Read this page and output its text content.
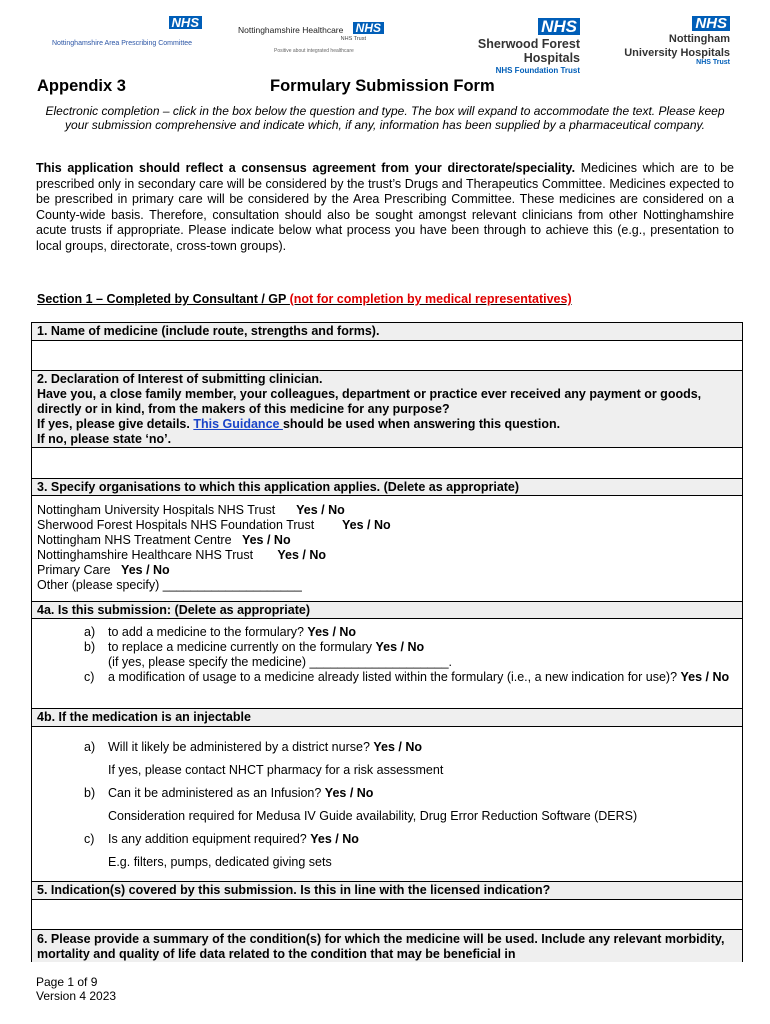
NHS
Nottinghamshire Area Prescribing Committee
Nottinghamshire Healthcare NHS
NHS Trust
Positive about integrated healthcare
NHS
Sherwood Forest Hospitals
NHS Foundation Trust
NHS
Nottingham
University Hospitals
NHS Trust
Appendix 3	Formulary Submission Form
Electronic completion – click in the box below the question and type. The box will expand to accommodate the text. Please keep your submission comprehensive and indicate which, if any, information has been supplied by a pharmaceutical company.
This application should reflect a consensus agreement from your directorate/speciality. Medicines which are to be prescribed only in secondary care will be considered by the trust’s Drugs and Therapeutics Committee. Medicines expected to be prescribed in primary care will be considered by the Area Prescribing Committee. These medicines are considered on a County-wide basis. Therefore, consultation should also be sought amongst relevant clinicians from other Nottinghamshire acute trusts if appropriate. Please indicate below what process you have been through to achieve this (e.g., presentation to local groups, directorate, cross-town groups).
Section 1 – Completed by Consultant / GP (not for completion by medical representatives)
1. Name of medicine (include route, strengths and forms).
2. Declaration of Interest of submitting clinician.
Have you, a close family member, your colleagues, department or practice ever received any payment or goods, directly or in kind, from the makers of this medicine for any purpose?
If yes, please give details. This Guidance should be used when answering this question.
If no, please state ‘no’.
3. Specify organisations to which this application applies. (Delete as appropriate)
Nottingham University Hospitals NHS Trust      Yes / No
Sherwood Forest Hospitals NHS Foundation Trust        Yes / No
Nottingham NHS Treatment Centre   Yes / No
Nottinghamshire Healthcare NHS Trust       Yes / No
Primary Care   Yes / No
Other (please specify) ____________________
4a. Is this submission: (Delete as appropriate)
a) to add a medicine to the formulary? Yes / No
b) to replace a medicine currently on the formulary Yes / No
(if yes, please specify the medicine) ____________________.
c) a modification of usage to a medicine already listed within the formulary (i.e., a new indication for use)? Yes / No
4b. If the medication is an injectable
a) Will it likely be administered by a district nurse? Yes / No
If yes, please contact NHCT pharmacy for a risk assessment
b) Can it be administered as an Infusion? Yes / No
Consideration required for Medusa IV Guide availability, Drug Error Reduction Software (DERS)
c) Is any addition equipment required? Yes / No
E.g. filters, pumps, dedicated giving sets
5. Indication(s) covered by this submission. Is this in line with the licensed indication?
6. Please provide a summary of the condition(s) for which the medicine will be used. Include any relevant morbidity, mortality and quality of life data related to the condition that may be beneficial in
Page 1 of 9
Version 4 2023
